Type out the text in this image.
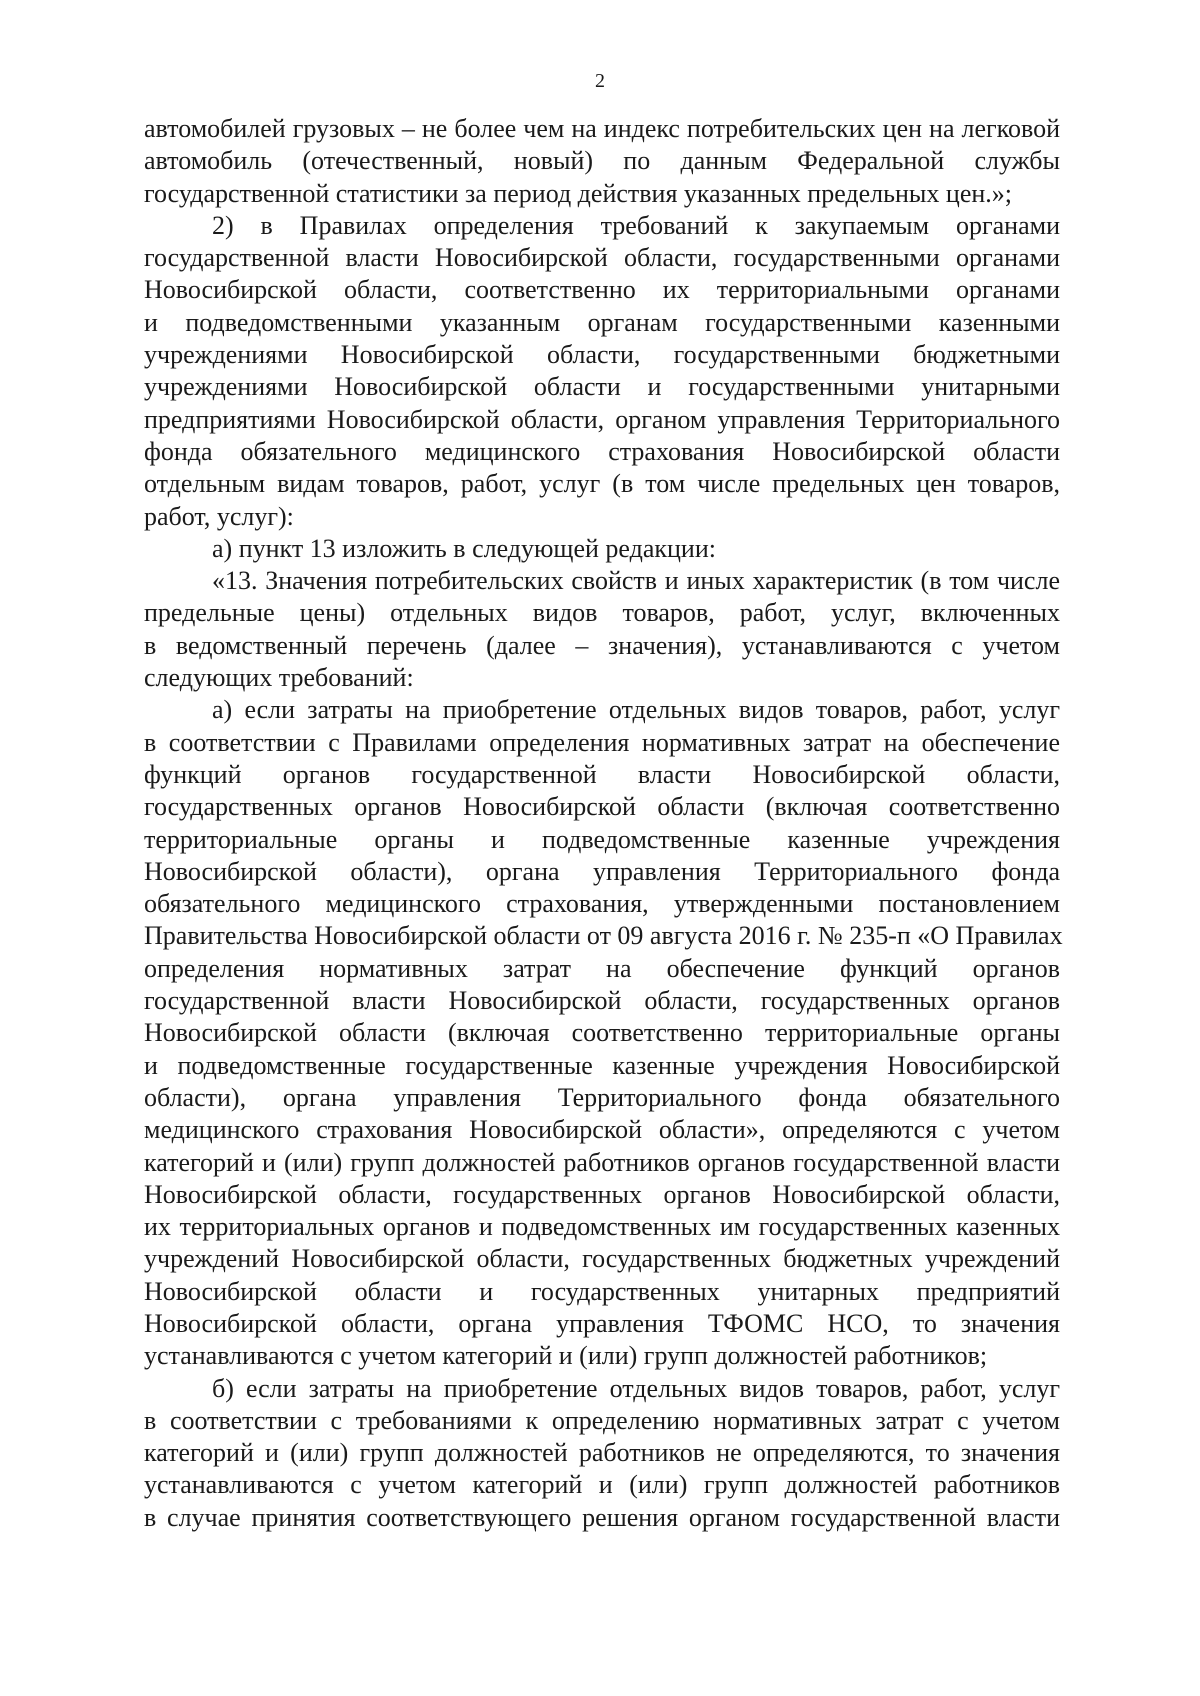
2
автомобилей грузовых – не более чем на индекс потребительских цен на легковой
автомобиль (отечественный, новый) по данным Федеральной службы
государственной статистики за период действия указанных предельных цен.»;
2) в Правилах определения требований к закупаемым органами
государственной власти Новосибирской области, государственными органами
Новосибирской области, соответственно их территориальными органами
и подведомственными указанным органам государственными казенными
учреждениями Новосибирской области, государственными бюджетными
учреждениями Новосибирской области и государственными унитарными
предприятиями Новосибирской области, органом управления Территориального
фонда обязательного медицинского страхования Новосибирской области
отдельным видам товаров, работ, услуг (в том числе предельных цен товаров,
работ, услуг):
а) пункт 13 изложить в следующей редакции:
«13. Значения потребительских свойств и иных характеристик (в том числе
предельные цены) отдельных видов товаров, работ, услуг, включенных
в ведомственный перечень (далее – значения), устанавливаются с учетом
следующих требований:
а) если затраты на приобретение отдельных видов товаров, работ, услуг
в соответствии с Правилами определения нормативных затрат на обеспечение
функций органов государственной власти Новосибирской области,
государственных органов Новосибирской области (включая соответственно
территориальные органы и подведомственные казенные учреждения
Новосибирской области), органа управления Территориального фонда
обязательного медицинского страхования, утвержденными постановлением
Правительства Новосибирской области от 09 августа 2016 г. № 235-п «О Правилах
определения нормативных затрат на обеспечение функций органов
государственной власти Новосибирской области, государственных органов
Новосибирской области (включая соответственно территориальные органы
и подведомственные государственные казенные учреждения Новосибирской
области), органа управления Территориального фонда обязательного
медицинского страхования Новосибирской области», определяются с учетом
категорий и (или) групп должностей работников органов государственной власти
Новосибирской области, государственных органов Новосибирской области,
их территориальных органов и подведомственных им государственных казенных
учреждений Новосибирской области, государственных бюджетных учреждений
Новосибирской области и государственных унитарных предприятий
Новосибирской области, органа управления ТФОМС НСО, то значения
устанавливаются с учетом категорий и (или) групп должностей работников;
б) если затраты на приобретение отдельных видов товаров, работ, услуг
в соответствии с требованиями к определению нормативных затрат с учетом
категорий и (или) групп должностей работников не определяются, то значения
устанавливаются с учетом категорий и (или) групп должностей работников
в случае принятия соответствующего решения органом государственной власти
